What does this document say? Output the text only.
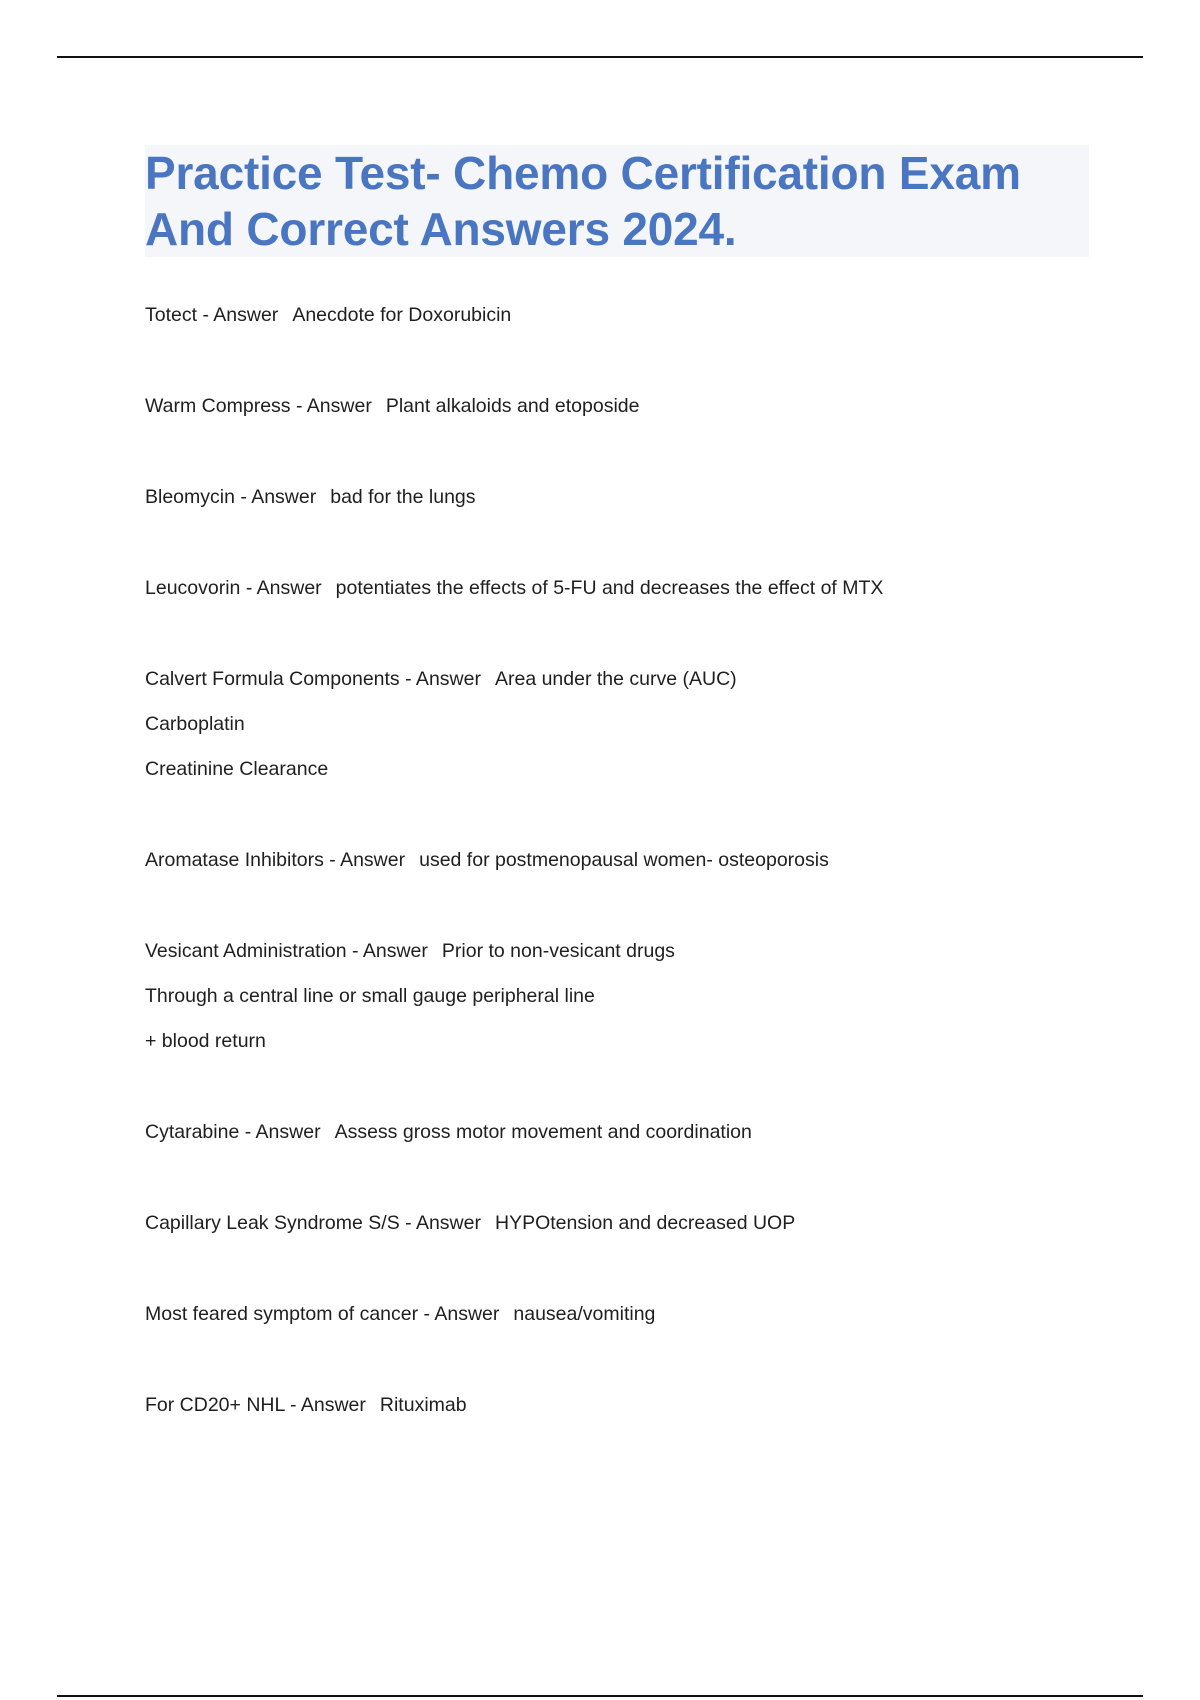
Practice Test- Chemo Certification Exam
And Correct Answers 2024.
Totect - Answer Anecdote for Doxorubicin
Warm Compress - Answer Plant alkaloids and etoposide
Bleomycin - Answer bad for the lungs
Leucovorin - Answer potentiates the effects of 5-FU and decreases the effect of MTX
Calvert Formula Components - Answer Area under the curve (AUC)
Carboplatin
Creatinine Clearance
Aromatase Inhibitors - Answer used for postmenopausal women- osteoporosis
Vesicant Administration - Answer Prior to non-vesicant drugs
Through a central line or small gauge peripheral line
+ blood return
Cytarabine - Answer Assess gross motor movement and coordination
Capillary Leak Syndrome S/S - Answer HYPOtension and decreased UOP
Most feared symptom of cancer - Answer nausea/vomiting
For CD20+ NHL - Answer Rituximab
